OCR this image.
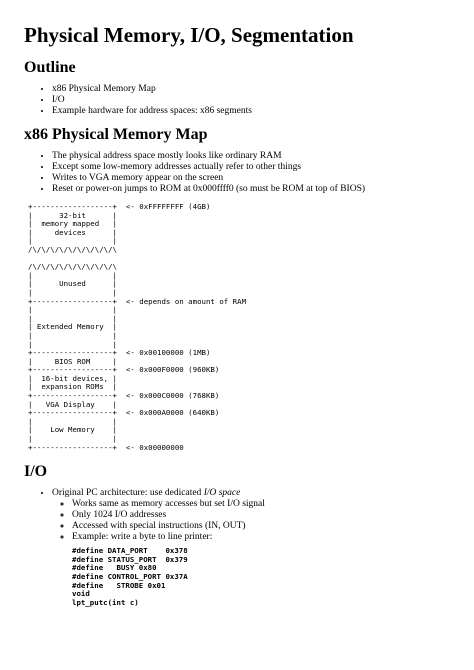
Physical Memory, I/O, Segmentation
Outline
• x86 Physical Memory Map
• I/O
• Example hardware for address spaces: x86 segments
x86 Physical Memory Map
• The physical address space mostly looks like ordinary RAM
• Except some low-memory addresses actually refer to other things
• Writes to VGA memory appear on the screen
• Reset or power-on jumps to ROM at 0x000ffff0 (so must be ROM at top of BIOS)
+------------------+  <- 0xFFFFFFFF (4GB)
|      32-bit      |
|  memory mapped   |
|     devices      |
|                  |
/\/\/\/\/\/\/\/\/\/\

/\/\/\/\/\/\/\/\/\/\
|                  |
|      Unused      |
|                  |
+------------------+  <- depends on amount of RAM
|                  |
|                  |
| Extended Memory  |
|                  |
|                  |
+------------------+  <- 0x00100000 (1MB)
|     BIOS ROM     |
+------------------+  <- 0x000F0000 (960KB)
|  16-bit devices, |
|  expansion ROMs  |
+------------------+  <- 0x000C0000 (768KB)
|   VGA Display    |
+------------------+  <- 0x000A0000 (640KB)
|                  |
|    Low Memory    |
|                  |
+------------------+  <- 0x00000000
I/O
• Original PC architecture: use dedicated I/O space
◦ Works same as memory accesses but set I/O signal
◦ Only 1024 I/O addresses
◦ Accessed with special instructions (IN, OUT)
◦ Example: write a byte to line printer:
#define DATA_PORT    0x378
#define STATUS_PORT  0x379
#define   BUSY 0x80
#define CONTROL_PORT 0x37A
#define   STROBE 0x01
void
lpt_putc(int c)
